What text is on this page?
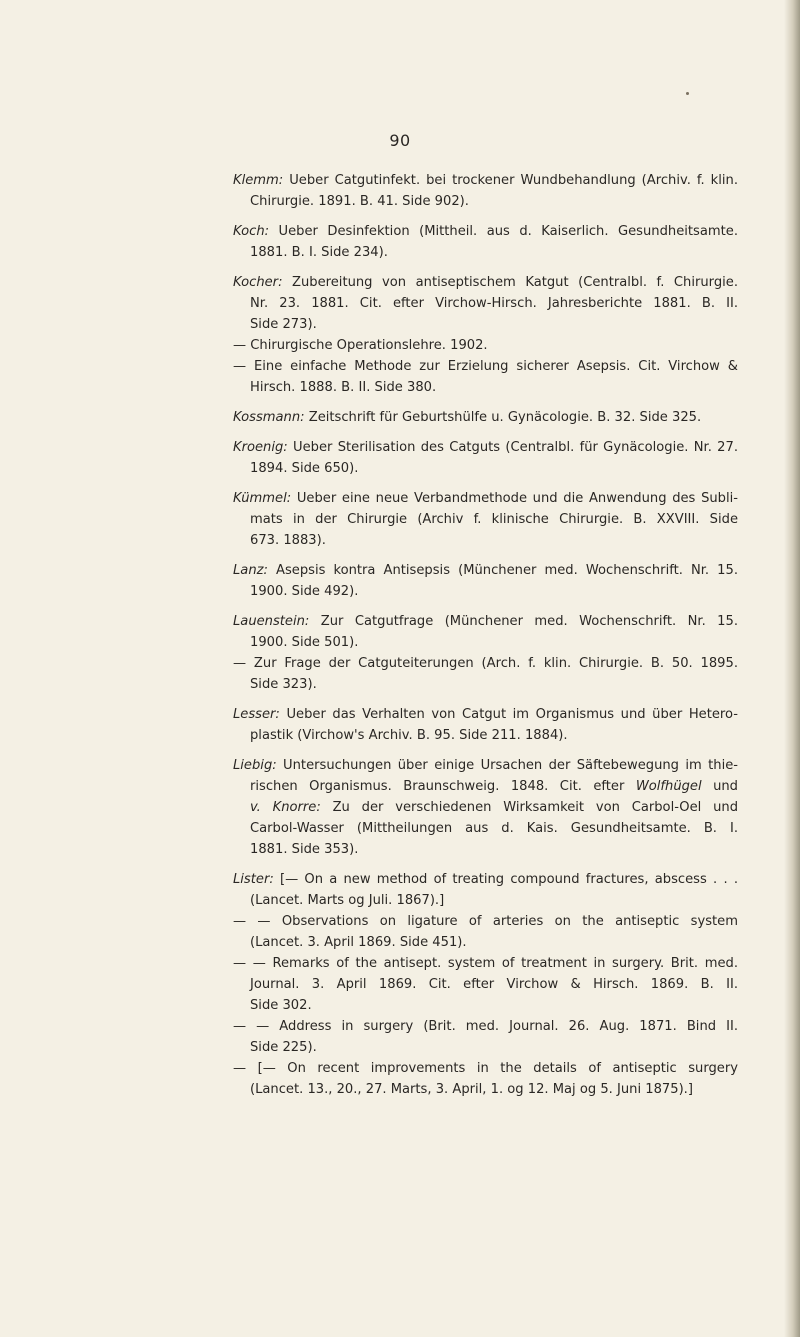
90
Klemm: Ueber Catgutinfekt. bei trockener Wundbehandlung (Archiv. f. klin.
Chirurgie. 1891. B. 41. Side 902).
Koch: Ueber Desinfektion (Mittheil. aus d. Kaiserlich. Gesundheitsamte.
1881. B. I. Side 234).
Kocher: Zubereitung von antiseptischem Katgut (Centralbl. f. Chirurgie.
Nr. 23. 1881. Cit. efter Virchow-Hirsch. Jahresberichte 1881. B. II.
Side 273).
— Chirurgische Operationslehre. 1902.
— Eine einfache Methode zur Erzielung sicherer Asepsis. Cit. Virchow &
Hirsch. 1888. B. II. Side 380.
Kossmann: Zeitschrift für Geburtshülfe u. Gynäcologie. B. 32. Side 325.
Kroenig: Ueber Sterilisation des Catguts (Centralbl. für Gynäcologie. Nr. 27.
1894. Side 650).
Kümmel: Ueber eine neue Verbandmethode und die Anwendung des Subli-
mats in der Chirurgie (Archiv f. klinische Chirurgie. B. XXVIII. Side
673. 1883).
Lanz: Asepsis kontra Antisepsis (Münchener med. Wochenschrift. Nr. 15.
1900. Side 492).
Lauenstein: Zur Catgutfrage (Münchener med. Wochenschrift. Nr. 15.
1900. Side 501).
— Zur Frage der Catguteiterungen (Arch. f. klin. Chirurgie. B. 50. 1895.
Side 323).
Lesser: Ueber das Verhalten von Catgut im Organismus und über Hetero-
plastik (Virchow's Archiv. B. 95. Side 211. 1884).
Liebig: Untersuchungen über einige Ursachen der Säftebewegung im thie-
rischen Organismus. Braunschweig. 1848. Cit. efter Wolfhügel und
v. Knorre: Zu der verschiedenen Wirksamkeit von Carbol-Oel und
Carbol-Wasser (Mittheilungen aus d. Kais. Gesundheitsamte. B. I.
1881. Side 353).
Lister: [— On a new method of treating compound fractures, abscess . . .
(Lancet. Marts og Juli. 1867).]
— — Observations on ligature of arteries on the antiseptic system
(Lancet. 3. April 1869. Side 451).
— — Remarks of the antisept. system of treatment in surgery. Brit. med.
Journal. 3. April 1869. Cit. efter Virchow & Hirsch. 1869. B. II.
Side 302.
— — Address in surgery (Brit. med. Journal. 26. Aug. 1871. Bind II.
Side 225).
— [— On recent improvements in the details of antiseptic surgery
(Lancet. 13., 20., 27. Marts, 3. April, 1. og 12. Maj og 5. Juni 1875).]
